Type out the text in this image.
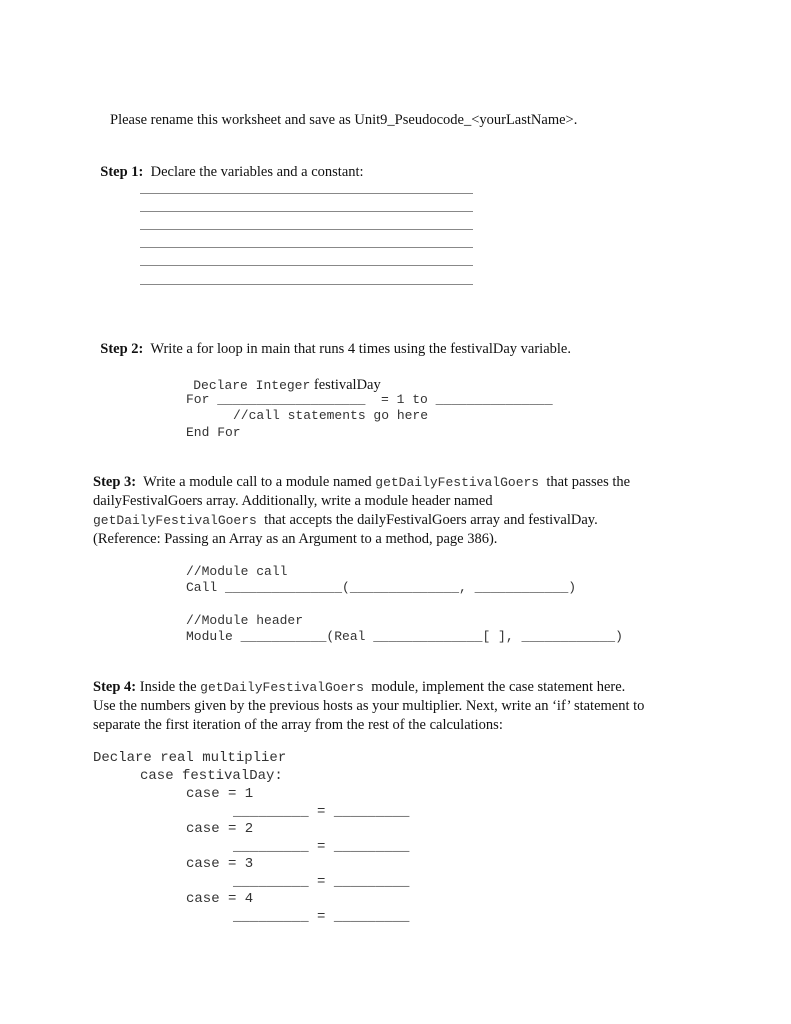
Please rename this worksheet and save as Unit9_Pseudocode_<yourLastName>.

Step 1: Declare the variables and a constant:

Step 2: Write a for loop in main that runs 4 times using the festivalDay variable.

Declare Integer festivalDay

For ___________________  = 1 to _______________
//call statements go here
End For
Step 3: Write a module call to a module named getDailyFestivalGoers that passes the
dailyFestivalGoers array. Additionally, write a module header named
getDailyFestivalGoers that accepts the dailyFestivalGoers array and festivalDay.
(Reference: Passing an Array as an Argument to a method, page 386).
//Module call
Call _______________(______________, ____________)
//Module header
Module ___________(Real ______________[ ], ____________)
Step 4: Inside the getDailyFestivalGoers module, implement the case statement here.
Use the numbers given by the previous hosts as your multiplier. Next, write an ‘if’ statement to
separate the first iteration of the array from the rest of the calculations:
Declare real multiplier
case festivalDay:
case = 1
_________ = _________
case = 2
_________ = _________
case = 3
_________ = _________
case = 4
_________ = _________
